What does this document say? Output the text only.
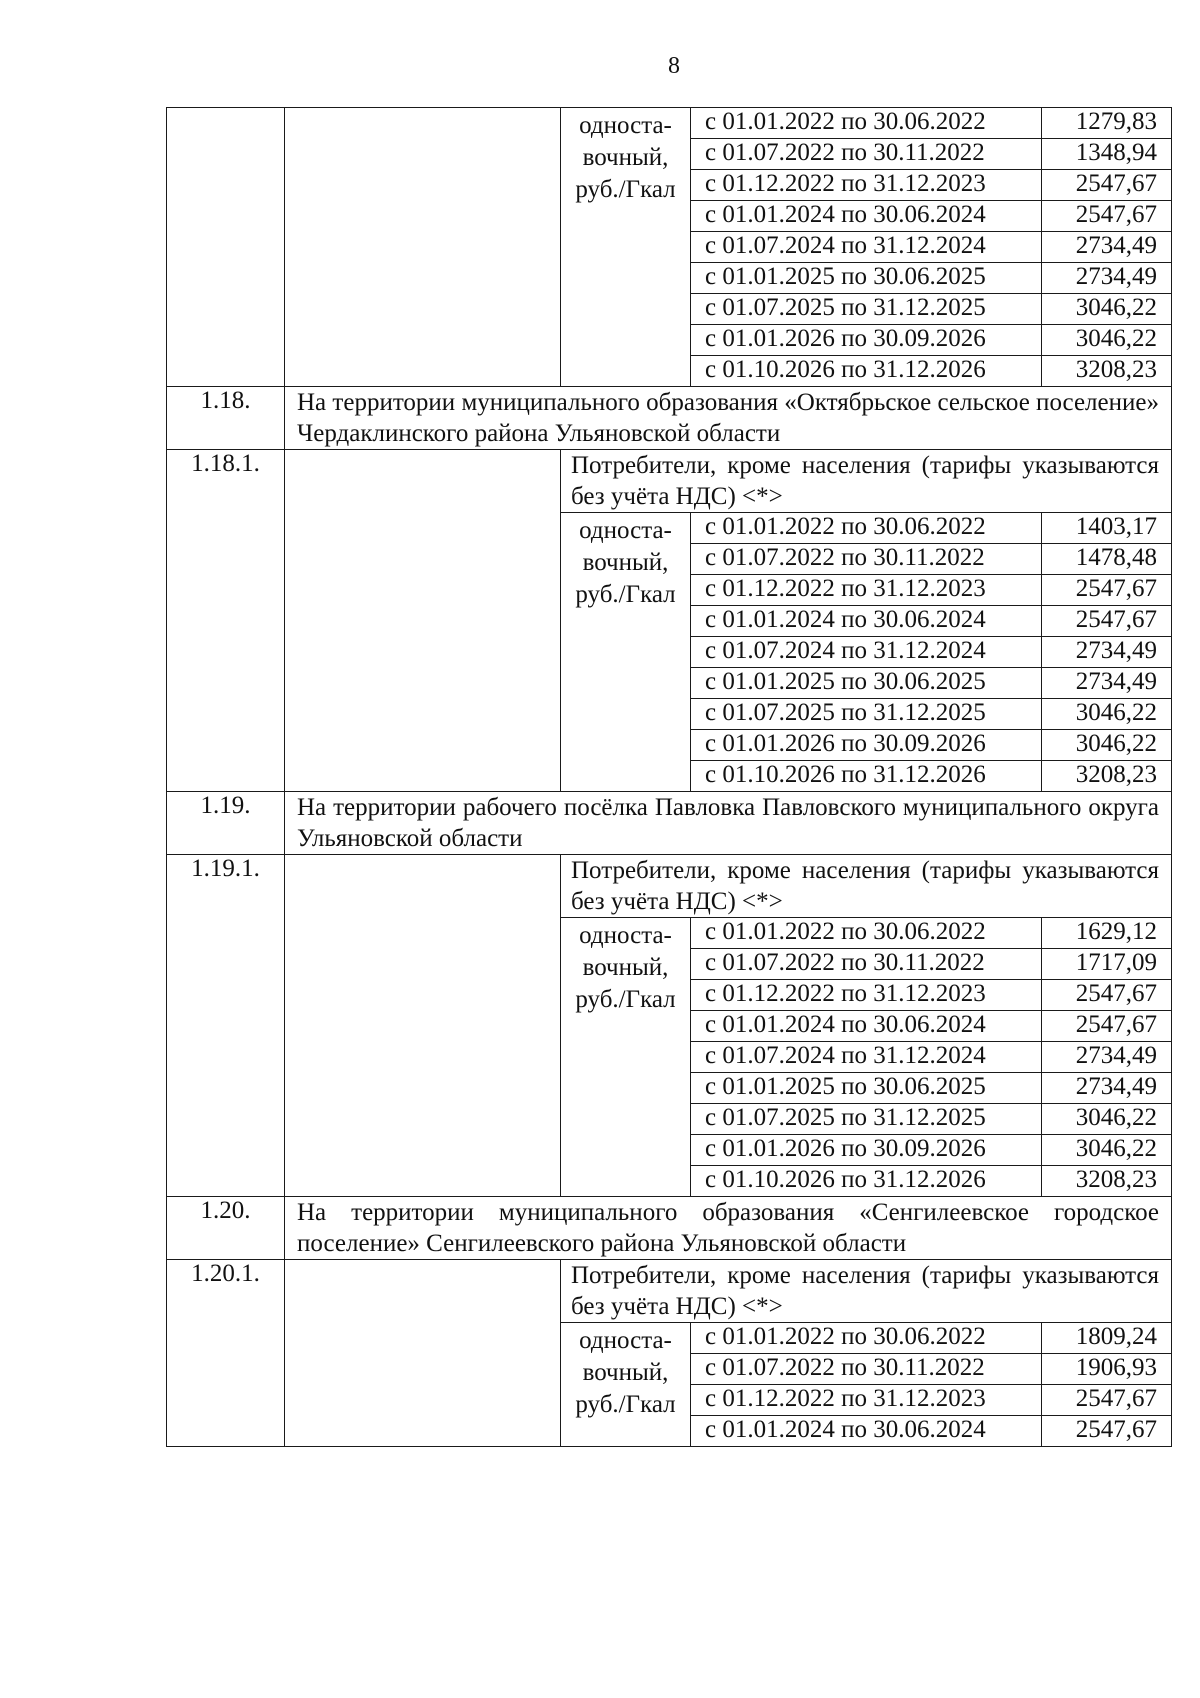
8
		односта-вочный, руб./Гкал	с 01.01.2022 по 30.06.2022	1279,83
			с 01.07.2022 по 30.11.2022	1348,94
			с 01.12.2022 по 31.12.2023	2547,67
			с 01.01.2024 по 30.06.2024	2547,67
			с 01.07.2024 по 31.12.2024	2734,49
			с 01.01.2025 по 30.06.2025	2734,49
			с 01.07.2025 по 31.12.2025	3046,22
			с 01.01.2026 по 30.09.2026	3046,22
			с 01.10.2026 по 31.12.2026	3208,23
1.18.	На территории муниципального образования «Октябрьское сельское поселение» Чердаклинского района Ульяновской области			
1.18.1.		Потребители, кроме населения (тарифы указываются без учёта НДС) <*>		
		односта-вочный, руб./Гкал	с 01.01.2022 по 30.06.2022	1403,17
			с 01.07.2022 по 30.11.2022	1478,48
			с 01.12.2022 по 31.12.2023	2547,67
			с 01.01.2024 по 30.06.2024	2547,67
			с 01.07.2024 по 31.12.2024	2734,49
			с 01.01.2025 по 30.06.2025	2734,49
			с 01.07.2025 по 31.12.2025	3046,22
			с 01.01.2026 по 30.09.2026	3046,22
			с 01.10.2026 по 31.12.2026	3208,23
1.19.	На территории рабочего посёлка Павловка Павловского муниципального округа Ульяновской области			
1.19.1.		Потребители, кроме населения (тарифы указываются без учёта НДС) <*>		
		односта-вочный, руб./Гкал	с 01.01.2022 по 30.06.2022	1629,12
			с 01.07.2022 по 30.11.2022	1717,09
			с 01.12.2022 по 31.12.2023	2547,67
			с 01.01.2024 по 30.06.2024	2547,67
			с 01.07.2024 по 31.12.2024	2734,49
			с 01.01.2025 по 30.06.2025	2734,49
			с 01.07.2025 по 31.12.2025	3046,22
			с 01.01.2026 по 30.09.2026	3046,22
			с 01.10.2026 по 31.12.2026	3208,23
1.20.	На территории муниципального образования «Сенгилеевское городское поселение» Сенгилеевского района Ульяновской области			
1.20.1.		Потребители, кроме населения (тарифы указываются без учёта НДС) <*>		
		односта-вочный, руб./Гкал	с 01.01.2022 по 30.06.2022	1809,24
			с 01.07.2022 по 30.11.2022	1906,93
			с 01.12.2022 по 31.12.2023	2547,67
			с 01.01.2024 по 30.06.2024	2547,67
